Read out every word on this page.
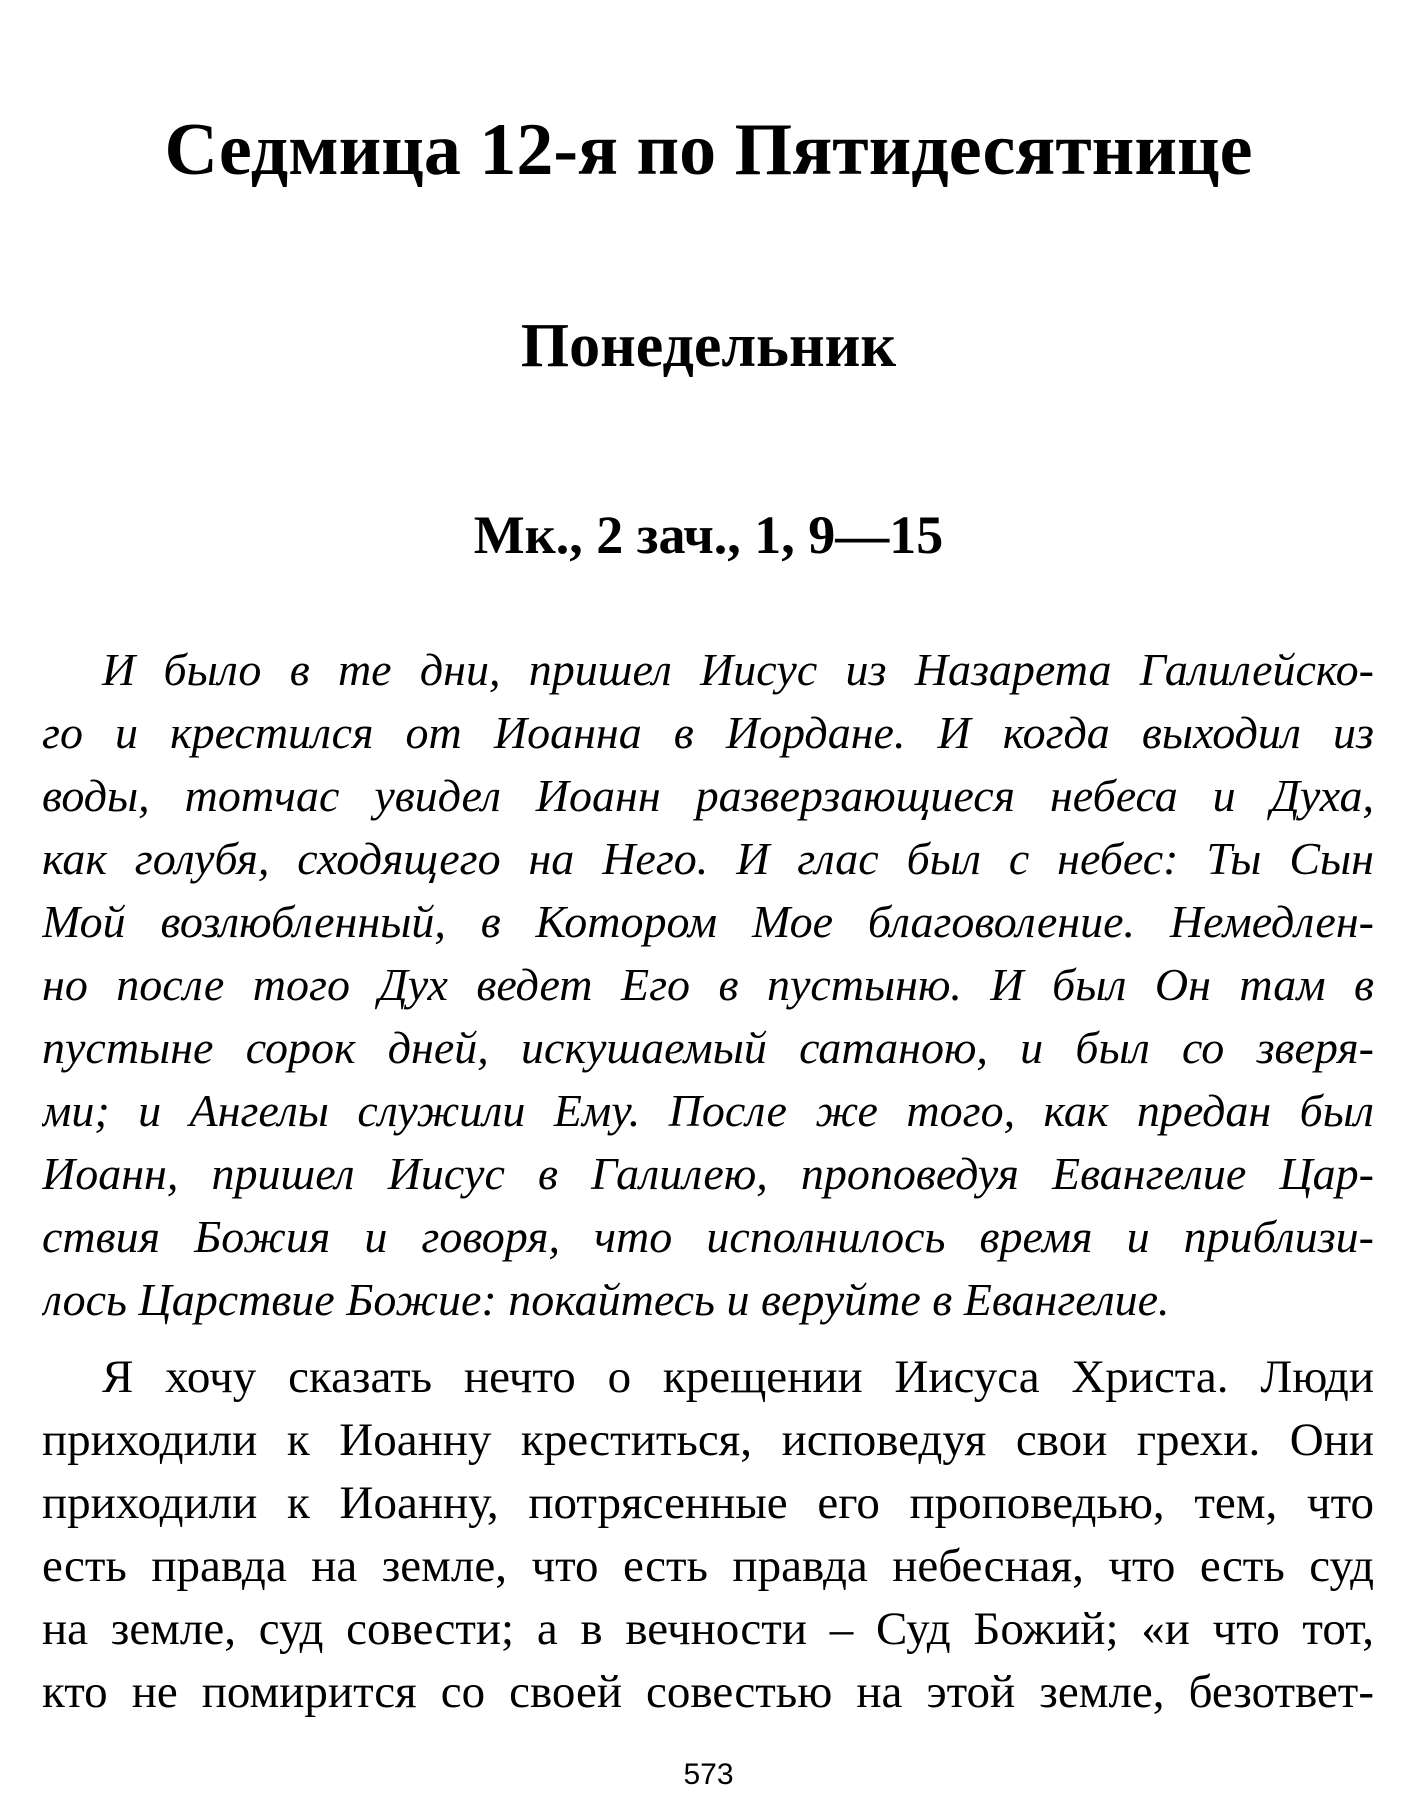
Седмица 12-я по Пятидесятнице
Понедельник
Мк., 2 зач., 1, 9—15
И было в те дни, пришел Иисус из Назарета Галилейско-
го и крестился от Иоанна в Иордане. И когда выходил из
воды, тотчас увидел Иоанн разверзающиеся небеса и Духа,
как голубя, сходящего на Него. И глас был с небес: Ты Сын
Мой возлюбленный, в Котором Мое благоволение. Немедлен-
но после того Дух ведет Его в пустыню. И был Он там в
пустыне сорок дней, искушаемый сатаною, и был со зверя-
ми; и Ангелы служили Ему. После же того, как предан был
Иоанн, пришел Иисус в Галилею, проповедуя Евангелие Цар-
ствия Божия и говоря, что исполнилось время и приблизи-
лось Царствие Божие: покайтесь и веруйте в Евангелие.
Я хочу сказать нечто о крещении Иисуса Христа. Люди
приходили к Иоанну креститься, исповедуя свои грехи. Они
приходили к Иоанну, потрясенные его проповедью, тем, что
есть правда на земле, что есть правда небесная, что есть суд
на земле, суд совести; а в вечности – Суд Божий; «и что тот,
кто не помирится со своей совестью на этой земле, безответ-
573
